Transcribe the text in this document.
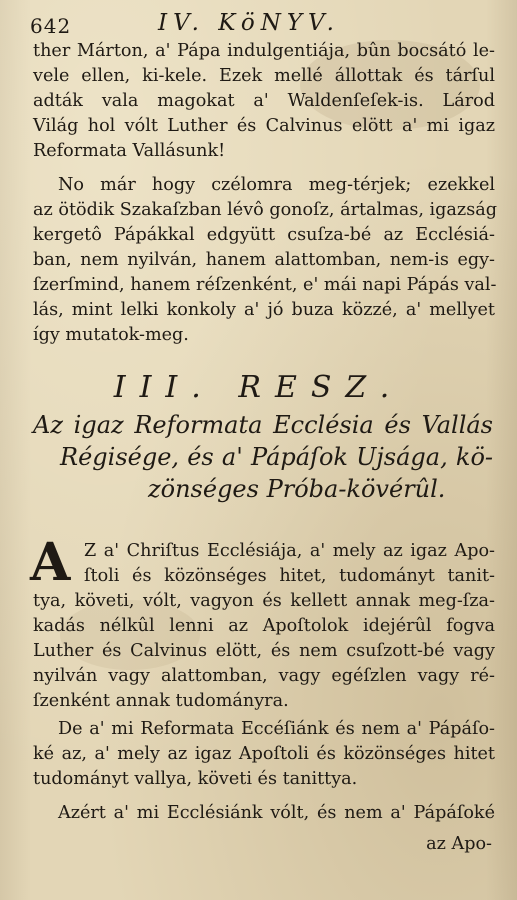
642	IV. KöNYV.
ther Márton, a' Pápa indulgentiája, bûn bocsátó le-
vele ellen, ki-kele. Ezek mellé állottak és tárſul
adták vala magokat a' Waldenſeſek-is. Lárod
Világ hol vólt Luther és Calvinus elött a' mi igaz
Reformata Vallásunk!
No már hogy czélomra meg-térjek; ezekkel
az ötödik Szakaſzban lévô gonoſz, ártalmas, igazság
kergetô Pápákkal edgyütt csuſza-bé az Ecclésiá-
ban, nem nyilván, hanem alattomban, nem-is egy-
ſzerſmind, hanem réſzenként, e' mái napi Pápás val-
lás, mint lelki konkoly a' jó buza közzé, a' mellyet
így mutatok-meg.
III. RESZ.
Az igaz Reformata Ecclésia és Vallás
Régisége, és a' Pápáſok Ujsága, kö-
zönséges Próba-kövérûl.
A Z a' Chriſtus Ecclésiája, a' mely az igaz Apo-
ſtoli és közönséges hitet, tudományt tanit-
tya, követi, vólt, vagyon és kellett annak meg-ſza-
kadás nélkûl lenni az Apoſtolok idejérûl fogva
Luther és Calvinus elött, és nem csuſzott-bé vagy
nyilván vagy alattomban, vagy egéſzlen vagy ré-
ſzenként annak tudományra.
De a' mi Reformata Eccéſiánk és nem a' Pápáſo-
ké az, a' mely az igaz Apoſtoli és közönséges hitet
tudományt vallya, követi és tanittya.
Azért a' mi Ecclésiánk vólt, és nem a' Pápáſoké
az Apo-
